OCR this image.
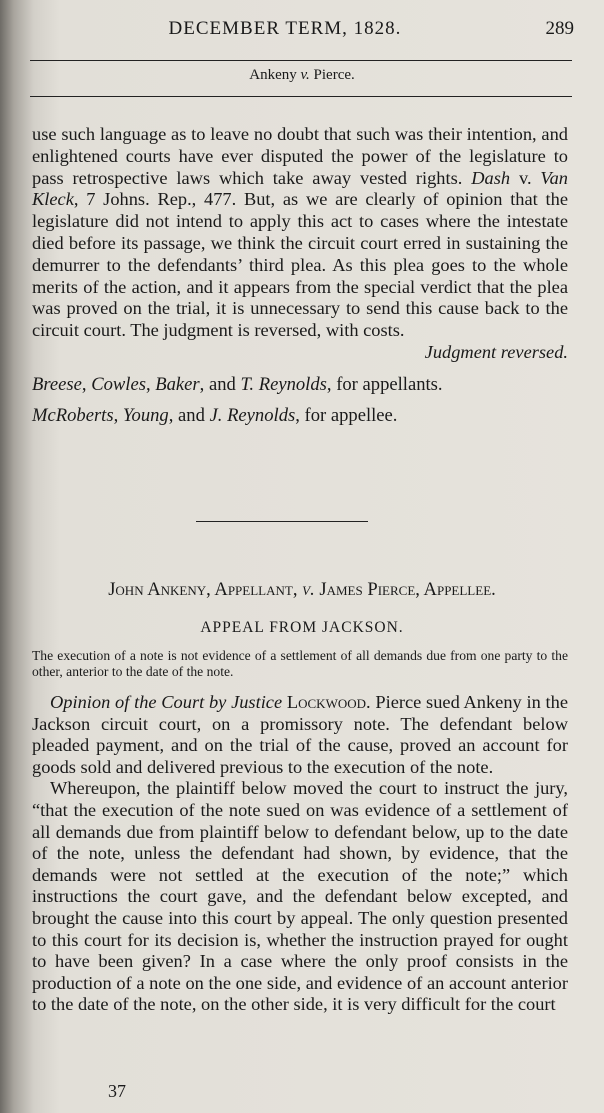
DECEMBER TERM, 1828.	289
Ankeny v. Pierce.

use such language as to leave no doubt that such was their intention, and enlightened courts have ever disputed the power of the legislature to pass retrospective laws which take away vested rights. Dash v. Van Kleck, 7 Johns. Rep., 477. But, as we are clearly of opinion that the legislature did not intend to apply this act to cases where the intestate died before its passage, we think the circuit court erred in sustaining the demurrer to the defendants’ third plea. As this plea goes to the whole merits of the action, and it appears from the special verdict that the plea was proved on the trial, it is unnecessary to send this cause back to the circuit court. The judgment is reversed, with costs.

Judgment reversed.

Breese, Cowles, Baker, and T. Reynolds, for appellants.

McRoberts, Young, and J. Reynolds, for appellee.

John Ankeny, Appellant, v. James Pierce, Appellee.
APPEAL FROM JACKSON.
The execution of a note is not evidence of a settlement of all demands due from one party to the other, anterior to the date of the note.

Opinion of the Court by Justice Lockwood. Pierce sued Ankeny in the Jackson circuit court, on a promissory note. The defendant below pleaded payment, and on the trial of the cause, proved an account for goods sold and delivered previous to the execution of the note.

Whereupon, the plaintiff below moved the court to instruct the jury, “that the execution of the note sued on was evidence of a settlement of all demands due from plaintiff below to defendant below, up to the date of the note, unless the defendant had shown, by evidence, that the demands were not settled at the execution of the note;” which instructions the court gave, and the defendant below excepted, and brought the cause into this court by appeal. The only question presented to this court for its decision is, whether the instruction prayed for ought to have been given? In a case where the only proof consists in the production of a note on the one side, and evidence of an account anterior to the date of the note, on the other side, it is very difficult for the court

37
